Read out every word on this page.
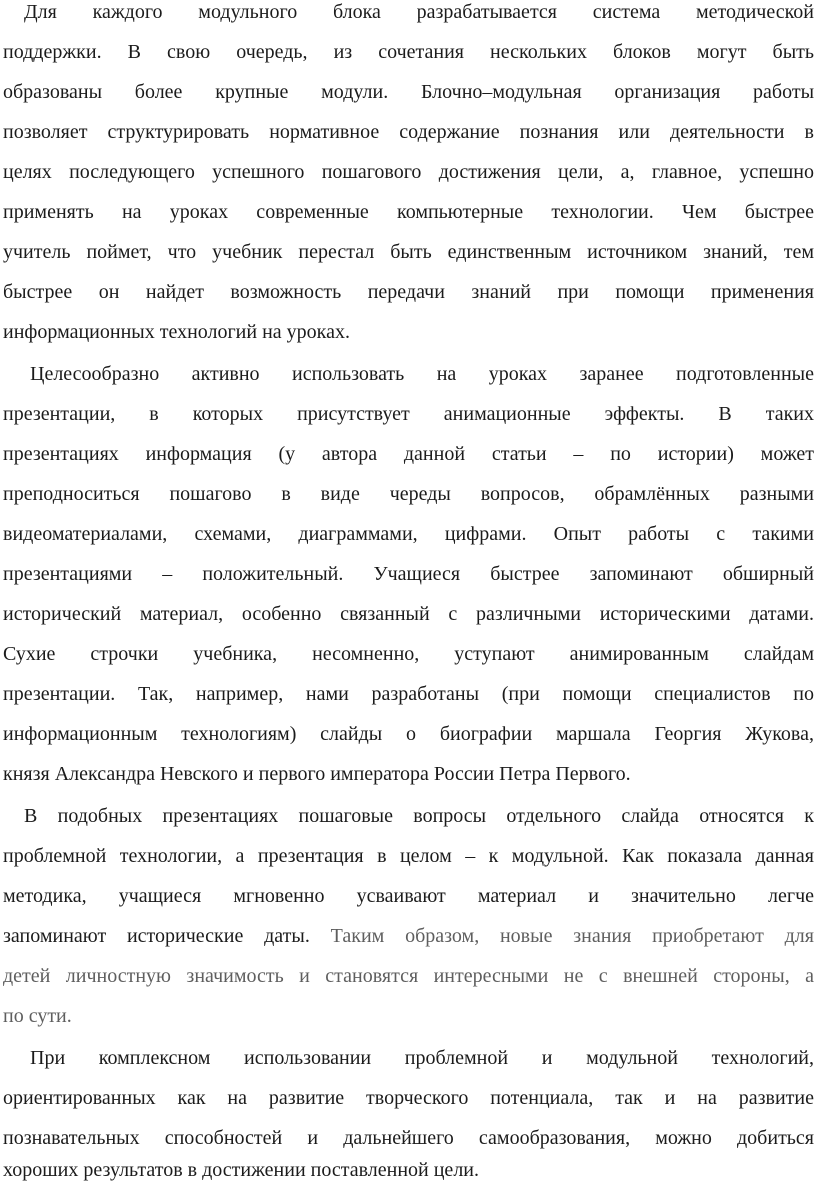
Для каждого модульного блока разрабатывается система методической
поддержки. В свою очередь, из сочетания нескольких блоков могут быть
образованы более крупные модули. Блочно–модульная организация работы
позволяет структурировать нормативное содержание познания или деятельности в
целях последующего успешного пошагового достижения цели, а, главное, успешно
применять на уроках современные компьютерные технологии. Чем быстрее
учитель поймет, что учебник перестал быть единственным источником знаний, тем
быстрее он найдет возможность передачи знаний при помощи применения
информационных технологий на уроках.
Целесообразно активно использовать на уроках заранее подготовленные
презентации, в которых присутствует анимационные эффекты. В таких
презентациях информация (у автора данной статьи – по истории) может
преподноситься пошагово в виде череды вопросов, обрамлённых разными
видеоматериалами, схемами, диаграммами, цифрами. Опыт работы с такими
презентациями – положительный. Учащиеся быстрее запоминают обширный
исторический материал, особенно связанный с различными историческими датами.
Сухие строчки учебника, несомненно, уступают анимированным слайдам
презентации. Так, например, нами разработаны (при помощи специалистов по
информационным технологиям) слайды о биографии маршала Георгия Жукова,
князя Александра Невского и первого императора России Петра Первого.
В подобных презентациях пошаговые вопросы отдельного слайда относятся к
проблемной технологии, а презентация в целом – к модульной. Как показала данная
методика, учащиеся мгновенно усваивают материал и значительно легче
запоминают исторические даты. Таким образом, новые знания приобретают для
детей личностную значимость и становятся интересными не с внешней стороны, а
по сути.
При комплексном использовании проблемной и модульной технологий,
ориентированных как на развитие творческого потенциала, так и на развитие
познавательных способностей и дальнейшего самообразования, можно добиться
хороших результатов в достижении поставленной цели.
